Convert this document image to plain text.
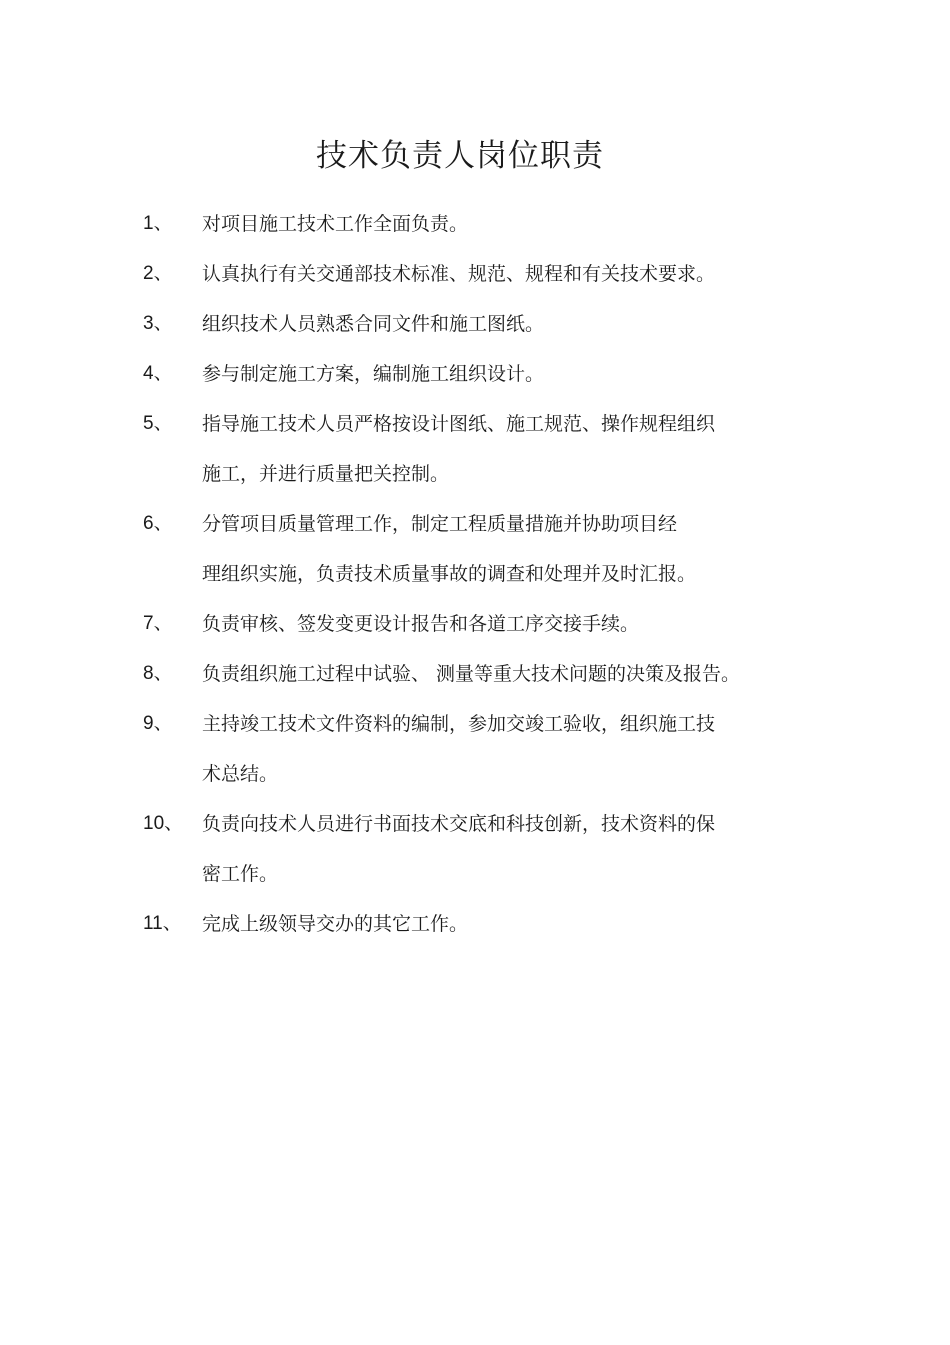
技术负责人岗位职责
1、 对项目施工技术工作全面负责。
2、 认真执行有关交通部技术标准、规范、规程和有关技术要求。
3、 组织技术人员熟悉合同文件和施工图纸。
4、 参与制定施工方案，编制施工组织设计。
5、 指导施工技术人员严格按设计图纸、施工规范、操作规程组织
施工，并进行质量把关控制。
6、 分管项目质量管理工作，制定工程质量措施并协助项目经
理组织实施，负责技术质量事故的调查和处理并及时汇报。
7、 负责审核、签发变更设计报告和各道工序交接手续。
8、 负责组织施工过程中试验、 测量等重大技术问题的决策及报告。
9、 主持竣工技术文件资料的编制，参加交竣工验收，组织施工技
术总结。
10、 负责向技术人员进行书面技术交底和科技创新，技术资料的保
密工作。
11、 完成上级领导交办的其它工作。
